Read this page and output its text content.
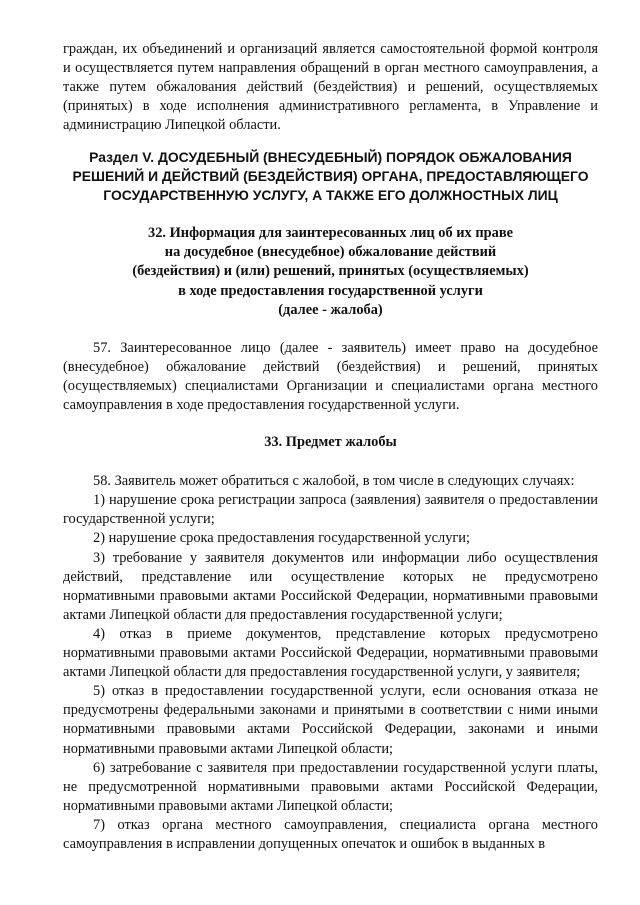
граждан, их объединений и организаций является самостоятельной формой контроля и осуществляется путем направления обращений в орган местного самоуправления, а также путем обжалования действий (бездействия) и решений, осуществляемых (принятых) в ходе исполнения административного регламента, в Управление и администрацию Липецкой области.

Раздел V. ДОСУДЕБНЫЙ (ВНЕСУДЕБНЫЙ) ПОРЯДОК ОБЖАЛОВАНИЯ РЕШЕНИЙ И ДЕЙСТВИЙ (БЕЗДЕЙСТВИЯ) ОРГАНА, ПРЕДОСТАВЛЯЮЩЕГО ГОСУДАРСТВЕННУЮ УСЛУГУ, А ТАКЖЕ ЕГО ДОЛЖНОСТНЫХ ЛИЦ
32. Информация для заинтересованных лиц об их праве
на досудебное (внесудебное) обжалование действий
(бездействия) и (или) решений, принятых (осуществляемых)
в ходе предоставления государственной услуги
(далее - жалоба)

57. Заинтересованное лицо (далее - заявитель) имеет право на досудебное (внесудебное) обжалование действий (бездействия) и решений, принятых (осуществляемых) специалистами Организации и специалистами органа местного самоуправления в ходе предоставления государственной услуги.

33. Предмет жалобы

58. Заявитель может обратиться с жалобой, в том числе в следующих случаях:

1) нарушение срока регистрации запроса (заявления) заявителя о предоставлении государственной услуги;

2) нарушение срока предоставления государственной услуги;

3) требование у заявителя документов или информации либо осуществления действий, представление или осуществление которых не предусмотрено нормативными правовыми актами Российской Федерации, нормативными правовыми актами Липецкой области для предоставления государственной услуги;

4) отказ в приеме документов, представление которых предусмотрено нормативными правовыми актами Российской Федерации, нормативными правовыми актами Липецкой области для предоставления государственной услуги, у заявителя;

5) отказ в предоставлении государственной услуги, если основания отказа не предусмотрены федеральными законами и принятыми в соответствии с ними иными нормативными правовыми актами Российской Федерации, законами и иными нормативными правовыми актами Липецкой области;

6) затребование с заявителя при предоставлении государственной услуги платы, не предусмотренной нормативными правовыми актами Российской Федерации, нормативными правовыми актами Липецкой области;

7) отказ органа местного самоуправления, специалиста органа местного самоуправления в исправлении допущенных опечаток и ошибок в выданных в
